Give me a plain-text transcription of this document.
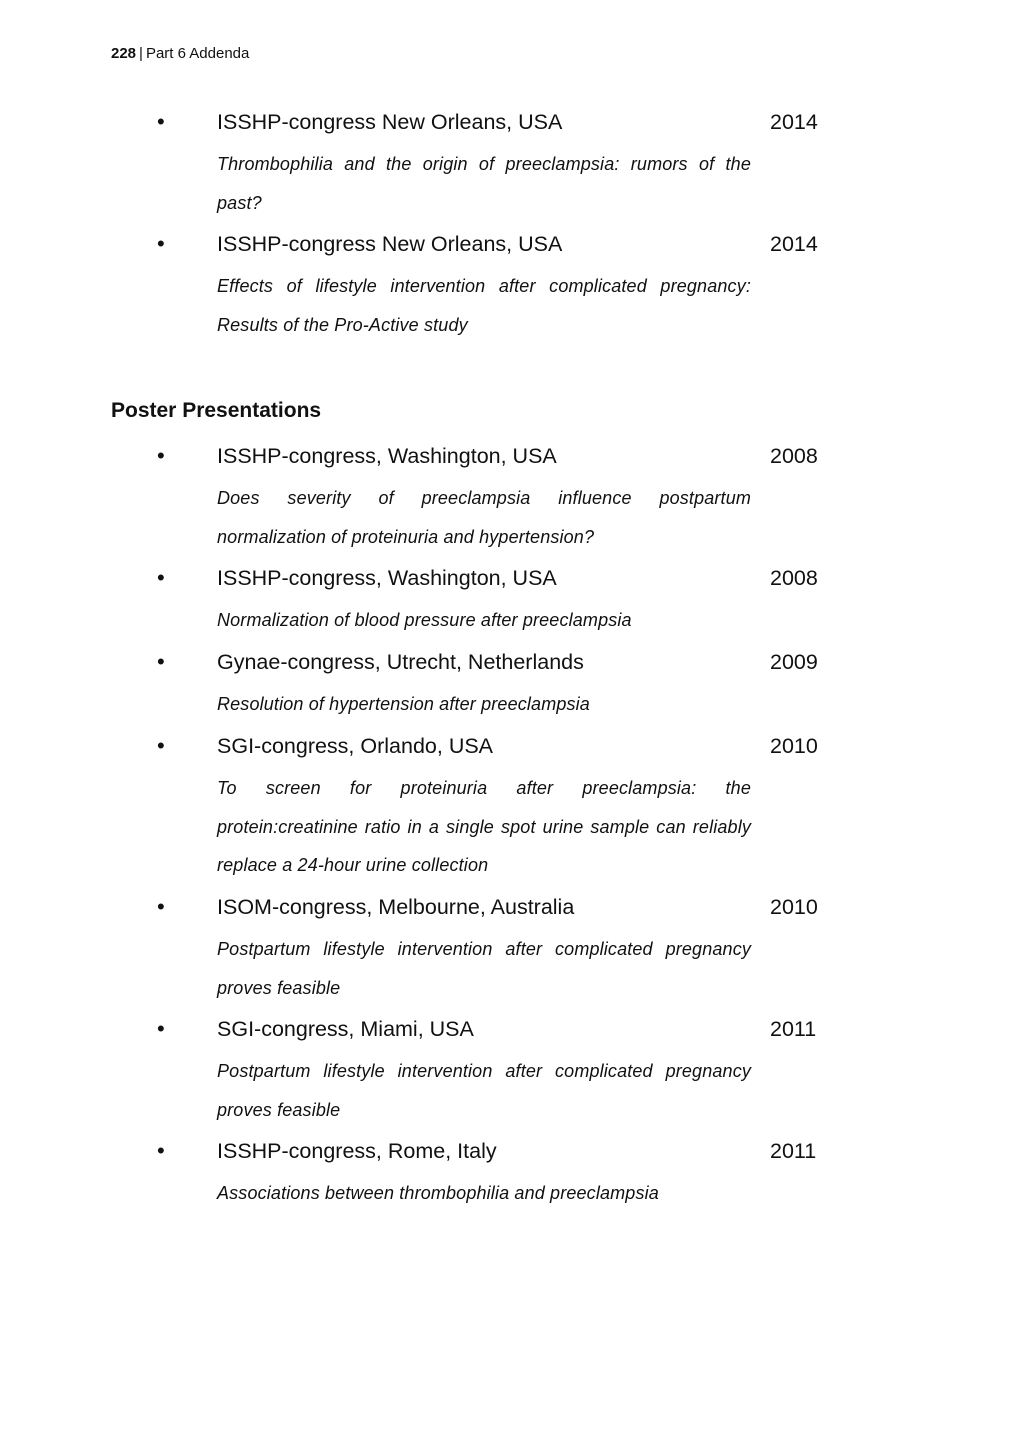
228 | Part 6 Addenda
• ISSHP-congress New Orleans, USA	2014
Thrombophilia and the origin of preeclampsia: rumors of the past?
• ISSHP-congress New Orleans, USA	2014
Effects of lifestyle intervention after complicated pregnancy: Results of the Pro-Active study
Poster Presentations
• ISSHP-congress, Washington, USA	2008
Does severity of preeclampsia influence postpartum normalization of proteinuria and hypertension?
• ISSHP-congress, Washington, USA	2008
Normalization of blood pressure after preeclampsia
• Gynae-congress, Utrecht, Netherlands	2009
Resolution of hypertension after preeclampsia
• SGI-congress, Orlando, USA	2010
To screen for proteinuria after preeclampsia: the protein:creatinine ratio in a single spot urine sample can reliably replace a 24-hour urine collection
• ISOM-congress, Melbourne, Australia	2010
Postpartum lifestyle intervention after complicated pregnancy proves feasible
• SGI-congress, Miami, USA	2011
Postpartum lifestyle intervention after complicated pregnancy proves feasible
• ISSHP-congress, Rome, Italy	2011
Associations between thrombophilia and preeclampsia
